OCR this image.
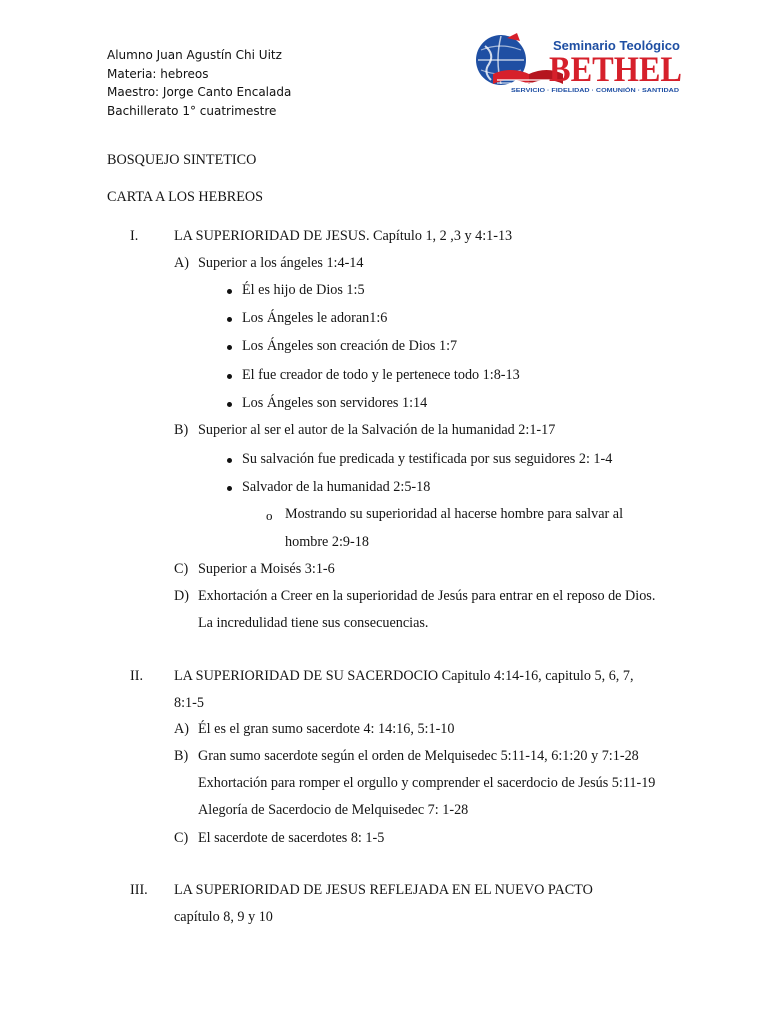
Alumno Juan Agustín Chi Uitz
Materia: hebreos
Maestro: Jorge Canto Encalada
Bachillerato 1° cuatrimestre
Seminario Teológico
BETHEL
SERVICIO · FIDELIDAD · COMUNIÓN · SANTIDAD
BOSQUEJO SINTETICO
CARTA A LOS HEBREOS
I.	LA SUPERIORIDAD DE JESUS. Capítulo 1, 2 ,3 y 4:1-13
A) Superior a los ángeles 1:4-14
Él es hijo de Dios 1:5
Los Ángeles le adoran1:6
Los Ángeles son creación de Dios 1:7
El fue creador de todo y le pertenece todo 1:8-13
Los Ángeles son servidores 1:14
B) Superior al ser el autor de la Salvación de la humanidad 2:1-17
Su salvación fue predicada y testificada por sus seguidores 2: 1-4
Salvador de la humanidad 2:5-18
o Mostrando su superioridad al hacerse hombre para salvar al
hombre 2:9-18
C) Superior a Moisés 3:1-6
D) Exhortación a Creer en la superioridad de Jesús para entrar en el reposo de Dios.
La incredulidad tiene sus consecuencias.
II. LA SUPERIORIDAD DE SU SACERDOCIO Capitulo 4:14-16, capitulo 5, 6, 7,
8:1-5
A) Él es el gran sumo sacerdote 4: 14:16, 5:1-10
B) Gran sumo sacerdote según el orden de Melquisedec 5:11-14, 6:1:20 y 7:1-28
Exhortación para romper el orgullo y comprender el sacerdocio de Jesús 5:11-19
Alegoría de Sacerdocio de Melquisedec 7: 1-28
C) El sacerdote de sacerdotes 8: 1-5
III. LA SUPERIORIDAD DE JESUS REFLEJADA EN EL NUEVO PACTO
capítulo 8, 9 y 10
